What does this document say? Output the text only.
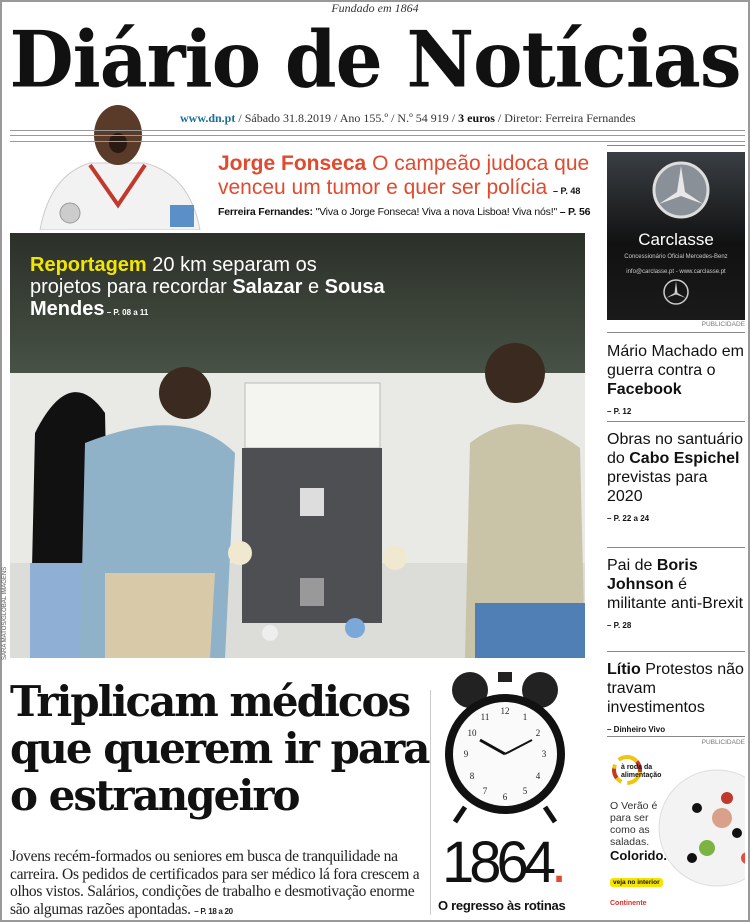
Fundado em 1864
Diário de Notícias
www.dn.pt / Sábado 31.8.2019 / Ano 155.º / N.º 54 919 / 3 euros / Diretor: Ferreira Fernandes
Jorge Fonseca O campeão judoca que venceu um tumor e quer ser polícia – P. 48
Ferreira Fernandes: "Viva o Jorge Fonseca! Viva a nova Lisboa! Viva nós!" – P. 56
Reportagem 20 km separam os projetos para recordar Salazar e Sousa Mendes – P. 08 a 11
SARA MATOS/GLOBAL IMAGENS
Triplicam médicos que querem ir para o estrangeiro
Jovens recém-formados ou seniores em busca de tranquilidade na carreira. Os pedidos de certificados para ser médico lá fora crescem a olhos vistos. Salários, condições de trabalho e desmotivação enorme são algumas razões apontadas. – P. 18 a 20
12
3
6
9
1
2
4
5
7
8
10
11
1864.
O regresso às rotinas
Carclasse
Concessionário Oficial Mercedes-Benz
info@carclasse.pt - www.carclasse.pt
PUBLICIDADE
Mário Machado em guerra contra o Facebook
– P. 12
Obras no santuário do Cabo Espichel previstas para 2020
– P. 22 a 24
Pai de Boris Johnson é militante anti-Brexit
– P. 28
Lítio Protestos não travam investimentos
– Dinheiro Vivo
PUBLICIDADE
à roda da alimentação
O Verão é para ser como as saladas.
Colorido.
veja no interior
Continente
